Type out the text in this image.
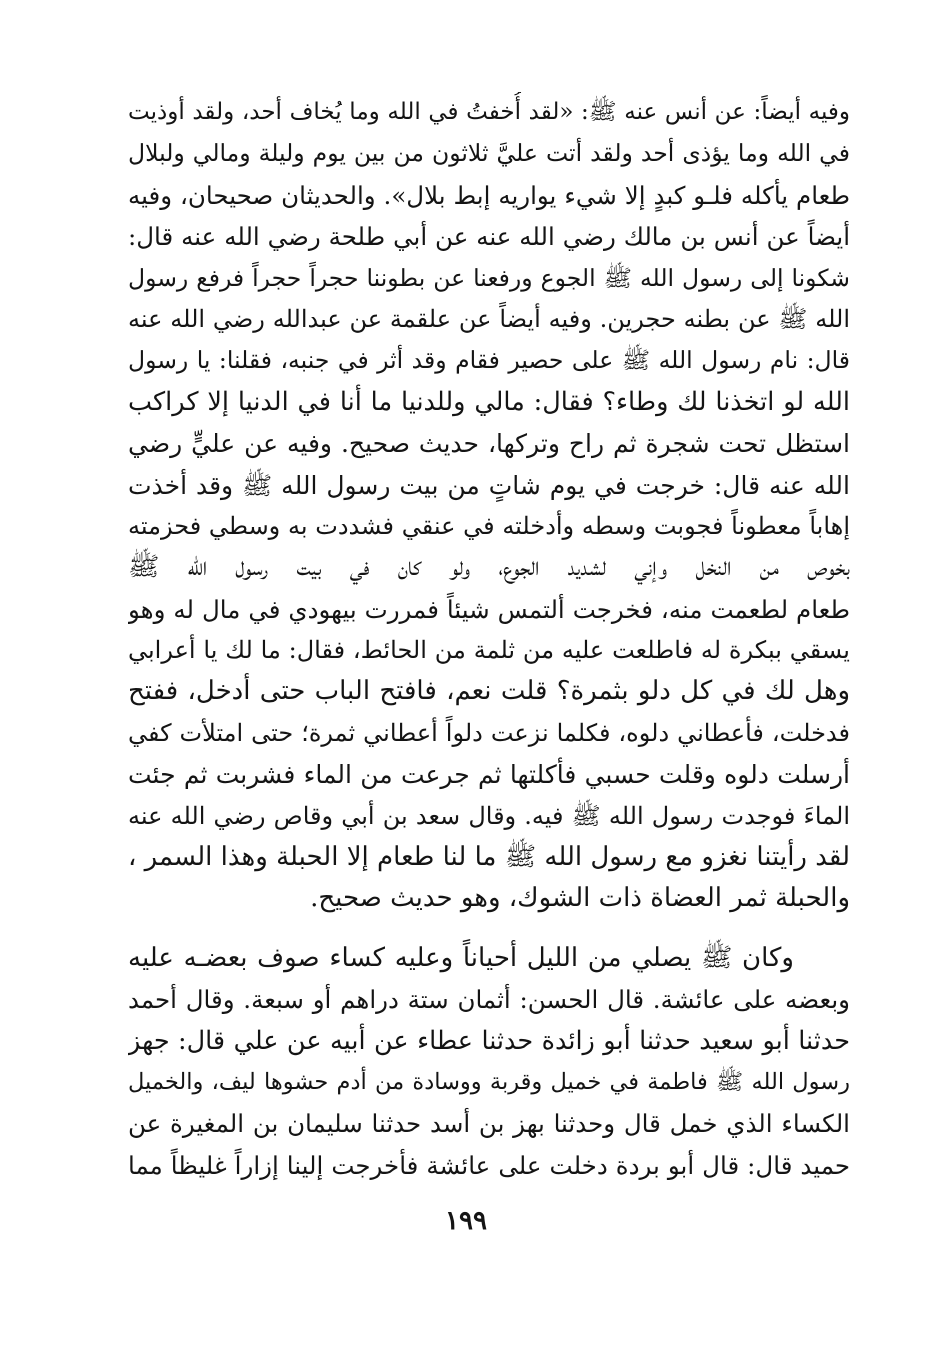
وفيه أيضاً: عن أنس عنه ﷺ: «لقد أُخفتُ في الله وما يُخاف أحد، ولقد أوذيت
في الله وما يؤذى أحد ولقد أتت عليَّ ثلاثون من بين يوم وليلة ومالي ولبلال
طعام يأكله فلـو كبدٍ إلا شيء يواريه إبط بلال». والحديثان صحيحان، وفيه
أيضاً عن أنس بن مالك رضي الله عنه عن أبي طلحة رضي الله عنه قال:
شكونا إلى رسول الله ﷺ الجوع ورفعنا عن بطوننا حجراً حجراً فرفع رسول
الله ﷺ عن بطنه حجرين. وفيه أيضاً عن علقمة عن عبدالله رضي الله عنه
قال: نام رسول الله ﷺ على حصير فقام وقد أثر في جنبه، فقلنا: يا رسول
الله لو اتخذنا لك وطاء؟ فقال: مالي وللدنيا ما أنا في الدنيا إلا كراكب
استظل تحت شجرة ثم راح وتركها، حديث صحيح. وفيه عن عليٍّ رضي
الله عنه قال: خرجت في يوم شاتٍ من بيت رسول الله ﷺ وقد أخذت
إهاباً معطوناً فجوبت وسطه وأدخلته في عنقي فشددت به وسطي فحزمته
بخوص من النخل وإني لشديد الجوع، ولو كان في بيت رسول الله ﷺ
طعام لطعمت منه، فخرجت ألتمس شيئاً فمررت بيهودي في مال له وهو
يسقي ببكرة له فاطلعت عليه من ثلمة من الحائط، فقال: ما لك يا أعرابي
وهل لك في كل دلو بثمرة؟ قلت نعم، فافتح الباب حتى أدخل، ففتح
فدخلت، فأعطاني دلوه، فكلما نزعت دلواً أعطاني ثمرة؛ حتى امتلأت كفي
أرسلت دلوه وقلت حسبي فأكلتها ثم جرعت من الماء فشربت ثم جئت
الماءَ فوجدت رسول الله ﷺ فيه. وقال سعد بن أبي وقاص رضي الله عنه
لقد رأيتنا نغزو مع رسول الله ﷺ ما لنا طعام إلا الحبلة وهذا السمر ،
والحبلة ثمر العضاة ذات الشوك، وهو حديث صحيح.
وكان ﷺ يصلي من الليل أحياناً وعليه كساء صوف بعضـه عليه
وبعضه على عائشة. قال الحسن: أثمان ستة دراهم أو سبعة. وقال أحمد
حدثنا أبو سعيد حدثنا أبو زائدة حدثنا عطاء عن أبيه عن علي قال: جهز
رسول الله ﷺ فاطمة في خميل وقربة ووسادة من أدم حشوها ليف، والخميل
الكساء الذي خمل قال وحدثنا بهز بن أسد حدثنا سليمان بن المغيرة عن
حميد قال: قال أبو بردة دخلت على عائشة فأخرجت إلينا إزاراً غليظاً مما
١٩٩
